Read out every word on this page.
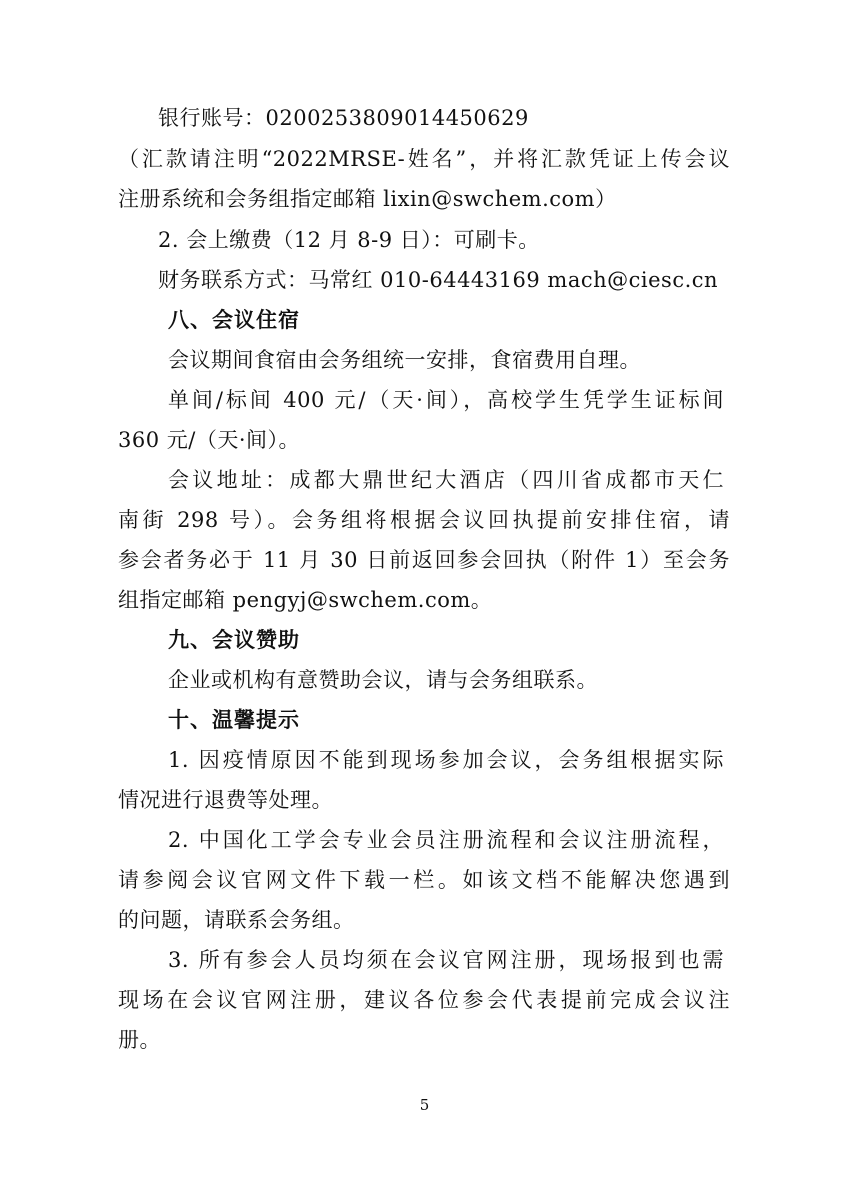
银行账号：0200253809014450629
（汇款请注明“2022MRSE-姓名”，并将汇款凭证上传会议
注册系统和会务组指定邮箱 lixin@swchem.com）
2. 会上缴费（12 月 8-9 日）：可刷卡。
财务联系方式：马常红 010-64443169 mach@ciesc.cn
八、会议住宿
会议期间食宿由会务组统一安排，食宿费用自理。
单间/标间 400 元/（天·间），高校学生凭学生证标间
360 元/（天·间）。
会议地址：成都大鼎世纪大酒店（四川省成都市天仁
南街 298 号）。会务组将根据会议回执提前安排住宿，请
参会者务必于 11 月 30 日前返回参会回执（附件 1）至会务
组指定邮箱 pengyj@swchem.com。
九、会议赞助
企业或机构有意赞助会议，请与会务组联系。
十、温馨提示
1. 因疫情原因不能到现场参加会议，会务组根据实际
情况进行退费等处理。
2. 中国化工学会专业会员注册流程和会议注册流程，
请参阅会议官网文件下载一栏。如该文档不能解决您遇到
的问题，请联系会务组。
3. 所有参会人员均须在会议官网注册，现场报到也需
现场在会议官网注册，建议各位参会代表提前完成会议注
册。
5
